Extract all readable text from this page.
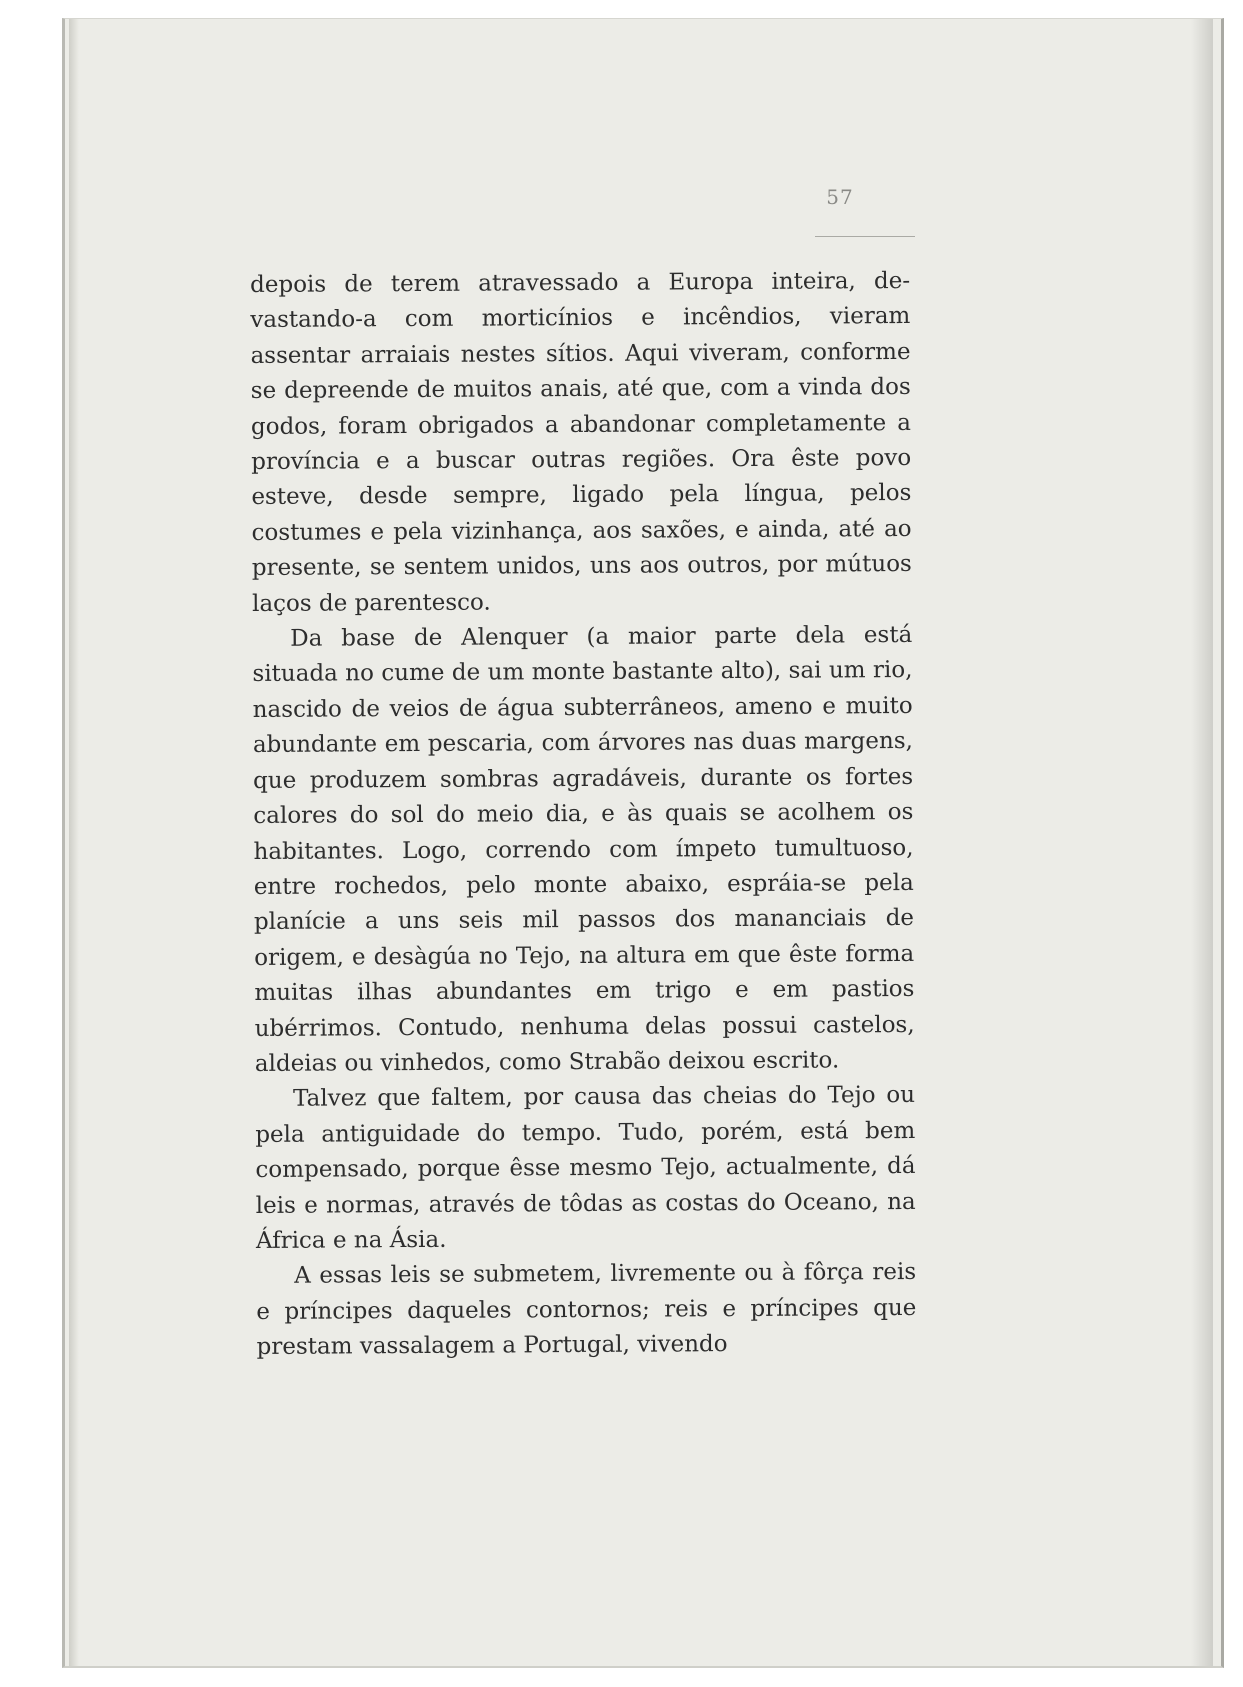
57

depois de terem atravessado a Europa inteira, devastando-a com morticínios e incêndios, vieram assentar arraiais nestes sítios. Aqui viveram, conforme se depreende de muitos anais, até que, com a vinda dos godos, foram obrigados a abandonar completamente a província e a buscar outras regiões. Ora êste povo esteve, desde sempre, ligado pela língua, pelos costumes e pela vizinhança, aos saxões, e ainda, até ao presente, se sentem unidos, uns aos outros, por mútuos laços de parentesco.

Da base de Alenquer (a maior parte dela está situada no cume de um monte bastante alto), sai um rio, nascido de veios de água subterrâneos, ameno e muito abundante em pescaria, com árvores nas duas margens, que produzem sombras agradáveis, durante os fortes calores do sol do meio dia, e às quais se acolhem os habitantes. Logo, correndo com ímpeto tumultuoso, entre rochedos, pelo monte abaixo, espráia-se pela planície a uns seis mil passos dos mananciais de origem, e desàgúa no Tejo, na altura em que êste forma muitas ilhas abundantes em trigo e em pastios ubérrimos. Contudo, nenhuma delas possui castelos, aldeias ou vinhedos, como Strabão deixou escrito.

Talvez que faltem, por causa das cheias do Tejo ou pela antiguidade do tempo. Tudo, porém, está bem compensado, porque êsse mesmo Tejo, actualmente, dá leis e normas, através de tôdas as costas do Oceano, na África e na Ásia.

A essas leis se submetem, livremente ou à fôrça reis e príncipes daqueles contornos; reis e príncipes que prestam vassalagem a Portugal, vivendo
